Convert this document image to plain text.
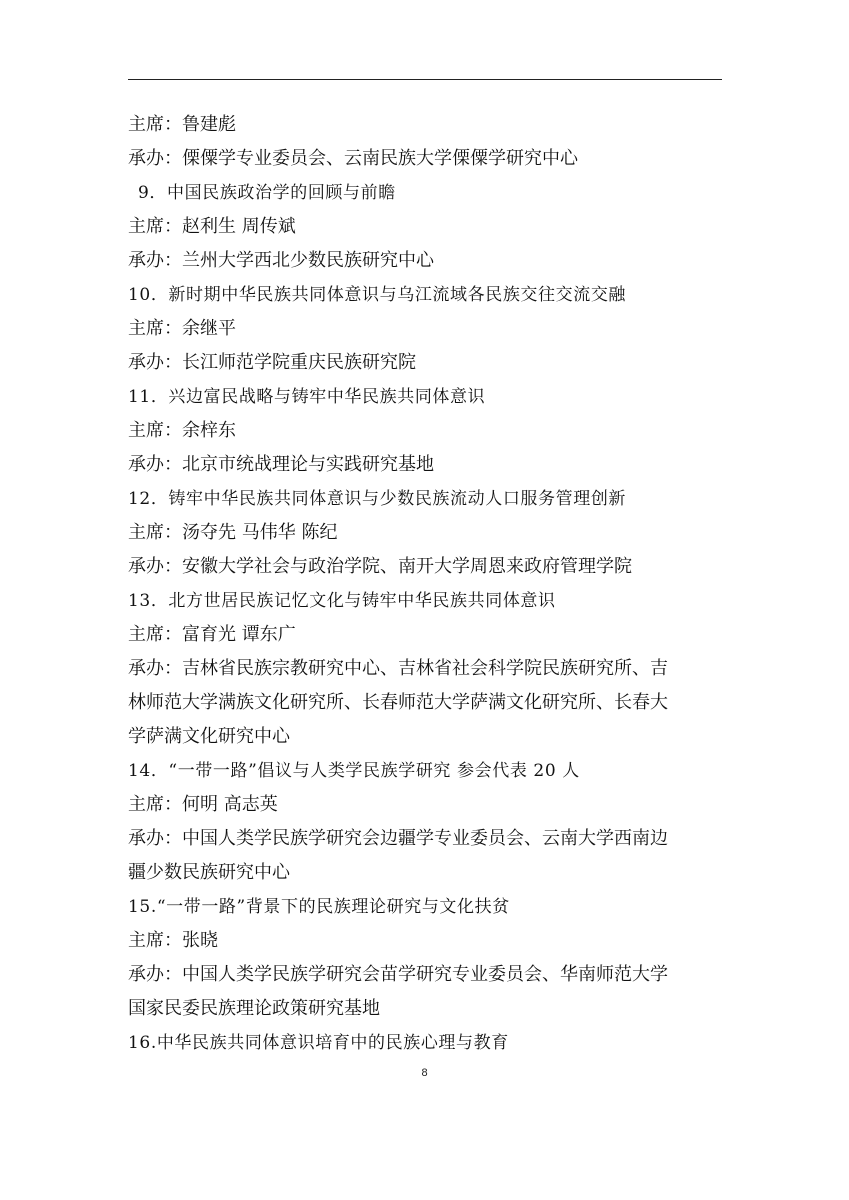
主席：鲁建彪
承办：傈僳学专业委员会、云南民族大学傈僳学研究中心
9．中国民族政治学的回顾与前瞻
主席：赵利生 周传斌
承办：兰州大学西北少数民族研究中心
10．新时期中华民族共同体意识与乌江流域各民族交往交流交融
主席：余继平
承办：长江师范学院重庆民族研究院
11．兴边富民战略与铸牢中华民族共同体意识
主席：余梓东
承办：北京市统战理论与实践研究基地
12．铸牢中华民族共同体意识与少数民族流动人口服务管理创新
主席：汤夺先 马伟华 陈纪
承办：安徽大学社会与政治学院、南开大学周恩来政府管理学院
13．北方世居民族记忆文化与铸牢中华民族共同体意识
主席：富育光 谭东广
承办：吉林省民族宗教研究中心、吉林省社会科学院民族研究所、吉
林师范大学满族文化研究所、长春师范大学萨满文化研究所、长春大
学萨满文化研究中心
14．“一带一路”倡议与人类学民族学研究 参会代表 20 人
主席：何明 高志英
承办：中国人类学民族学研究会边疆学专业委员会、云南大学西南边
疆少数民族研究中心
15.“一带一路”背景下的民族理论研究与文化扶贫
主席：张晓
承办：中国人类学民族学研究会苗学研究专业委员会、华南师范大学
国家民委民族理论政策研究基地
16.中华民族共同体意识培育中的民族心理与教育
8
